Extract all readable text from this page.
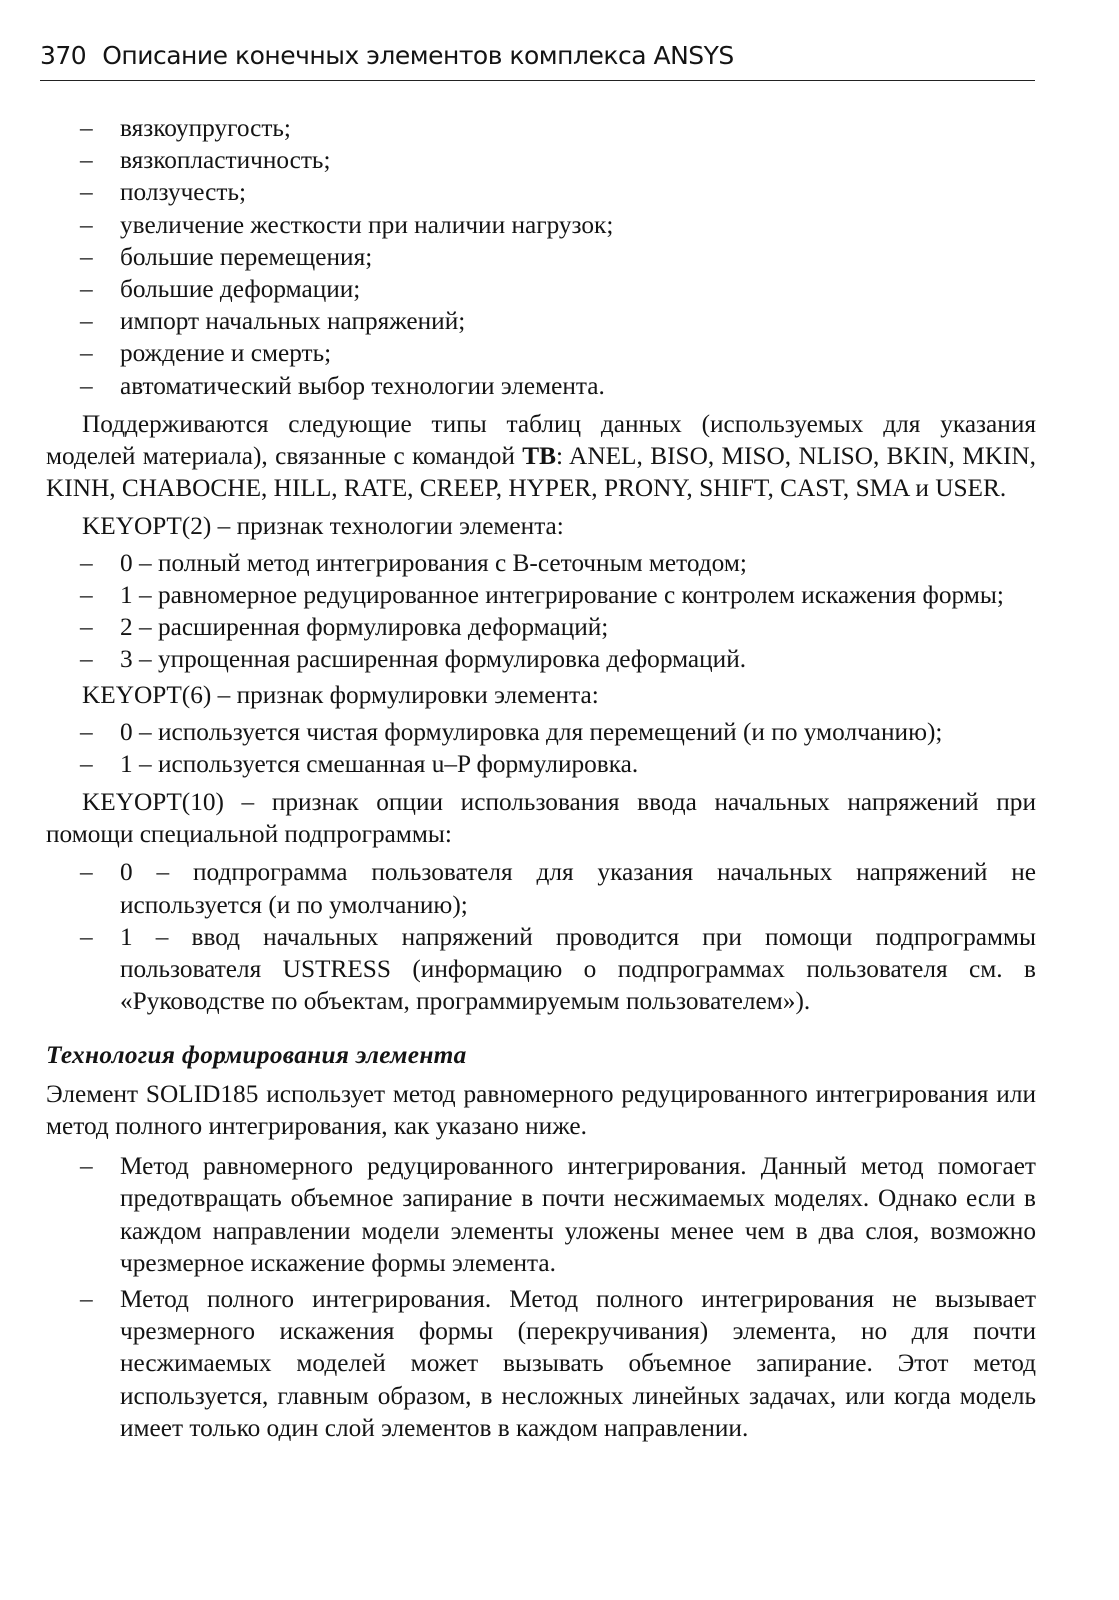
370 Описание конечных элементов комплекса ANSYS

– вязкоупругость;

– вязкопластичность;

– ползучесть;

– увеличение жесткости при наличии нагрузок;

– большие перемещения;

– большие деформации;

– импорт начальных напряжений;

– рождение и смерть;

– автоматический выбор технологии элемента.

Поддерживаются следующие типы таблиц данных (используемых для указания моделей материала), связанные с командой TB: ANEL, BISO, MISO, NLISO, BKIN, MKIN, KINH, CHABOCHE, HILL, RATE, CREEP, HYPER, PRONY, SHIFT, CAST, SMA и USER.

KEYOPT(2) – признак технологии элемента:

– 0 – полный метод интегрирования с B-сеточным методом;

– 1 – равномерное редуцированное интегрирование с контролем искажения формы;

– 2 – расширенная формулировка деформаций;

– 3 – упрощенная расширенная формулировка деформаций.

KEYOPT(6) – признак формулировки элемента:

– 0 – используется чистая формулировка для перемещений (и по умолчанию);

– 1 – используется смешанная u–P формулировка.

KEYOPT(10) – признак опции использования ввода начальных напряжений при помощи специальной подпрограммы:

– 0 – подпрограмма пользователя для указания начальных напряжений не используется (и по умолчанию);

– 1 – ввод начальных напряжений проводится при помощи подпрограммы пользователя USTRESS (информацию о подпрограммах пользователя см. в «Руководстве по объектам, программируемым пользователем»).

Технология формирования элемента

Элемент SOLID185 использует метод равномерного редуцированного интегрирования или метод полного интегрирования, как указано ниже.

– Метод равномерного редуцированного интегрирования. Данный метод помогает предотвращать объемное запирание в почти несжимаемых моделях. Однако если в каждом направлении модели элементы уложены менее чем в два слоя, возможно чрезмерное искажение формы элемента.

– Метод полного интегрирования. Метод полного интегрирования не вызывает чрезмерного искажения формы (перекручивания) элемента, но для почти несжимаемых моделей может вызывать объемное запирание. Этот метод используется, главным образом, в несложных линейных задачах, или когда модель имеет только один слой элементов в каждом направлении.
